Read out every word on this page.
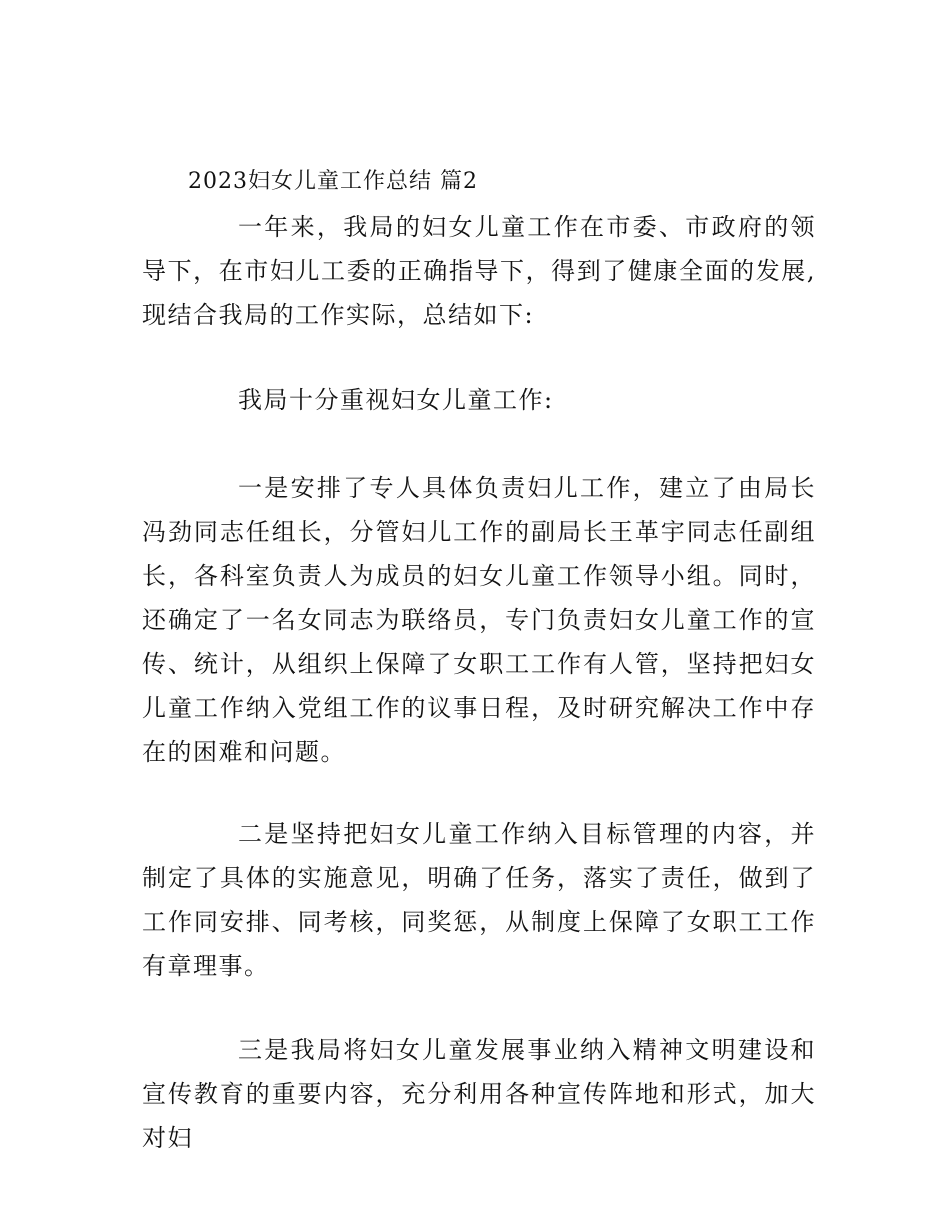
2023妇女儿童工作总结 篇2

一年来，我局的妇女儿童工作在市委、市政府的领导下，在市妇儿工委的正确指导下，得到了健康全面的发展,现结合我局的工作实际，总结如下:

我局十分重视妇女儿童工作:

一是安排了专人具体负责妇儿工作，建立了由局长冯劲同志任组长，分管妇儿工作的副局长王革宇同志任副组长，各科室负责人为成员的妇女儿童工作领导小组。同时，还确定了一名女同志为联络员，专门负责妇女儿童工作的宣传、统计，从组织上保障了女职工工作有人管，坚持把妇女儿童工作纳入党组工作的议事日程，及时研究解决工作中存在的困难和问题。

二是坚持把妇女儿童工作纳入目标管理的内容，并制定了具体的实施意见，明确了任务，落实了责任，做到了工作同安排、同考核，同奖惩，从制度上保障了女职工工作有章理事。

三是我局将妇女儿童发展事业纳入精神文明建设和宣传教育的重要内容，充分利用各种宣传阵地和形式，加大对妇
